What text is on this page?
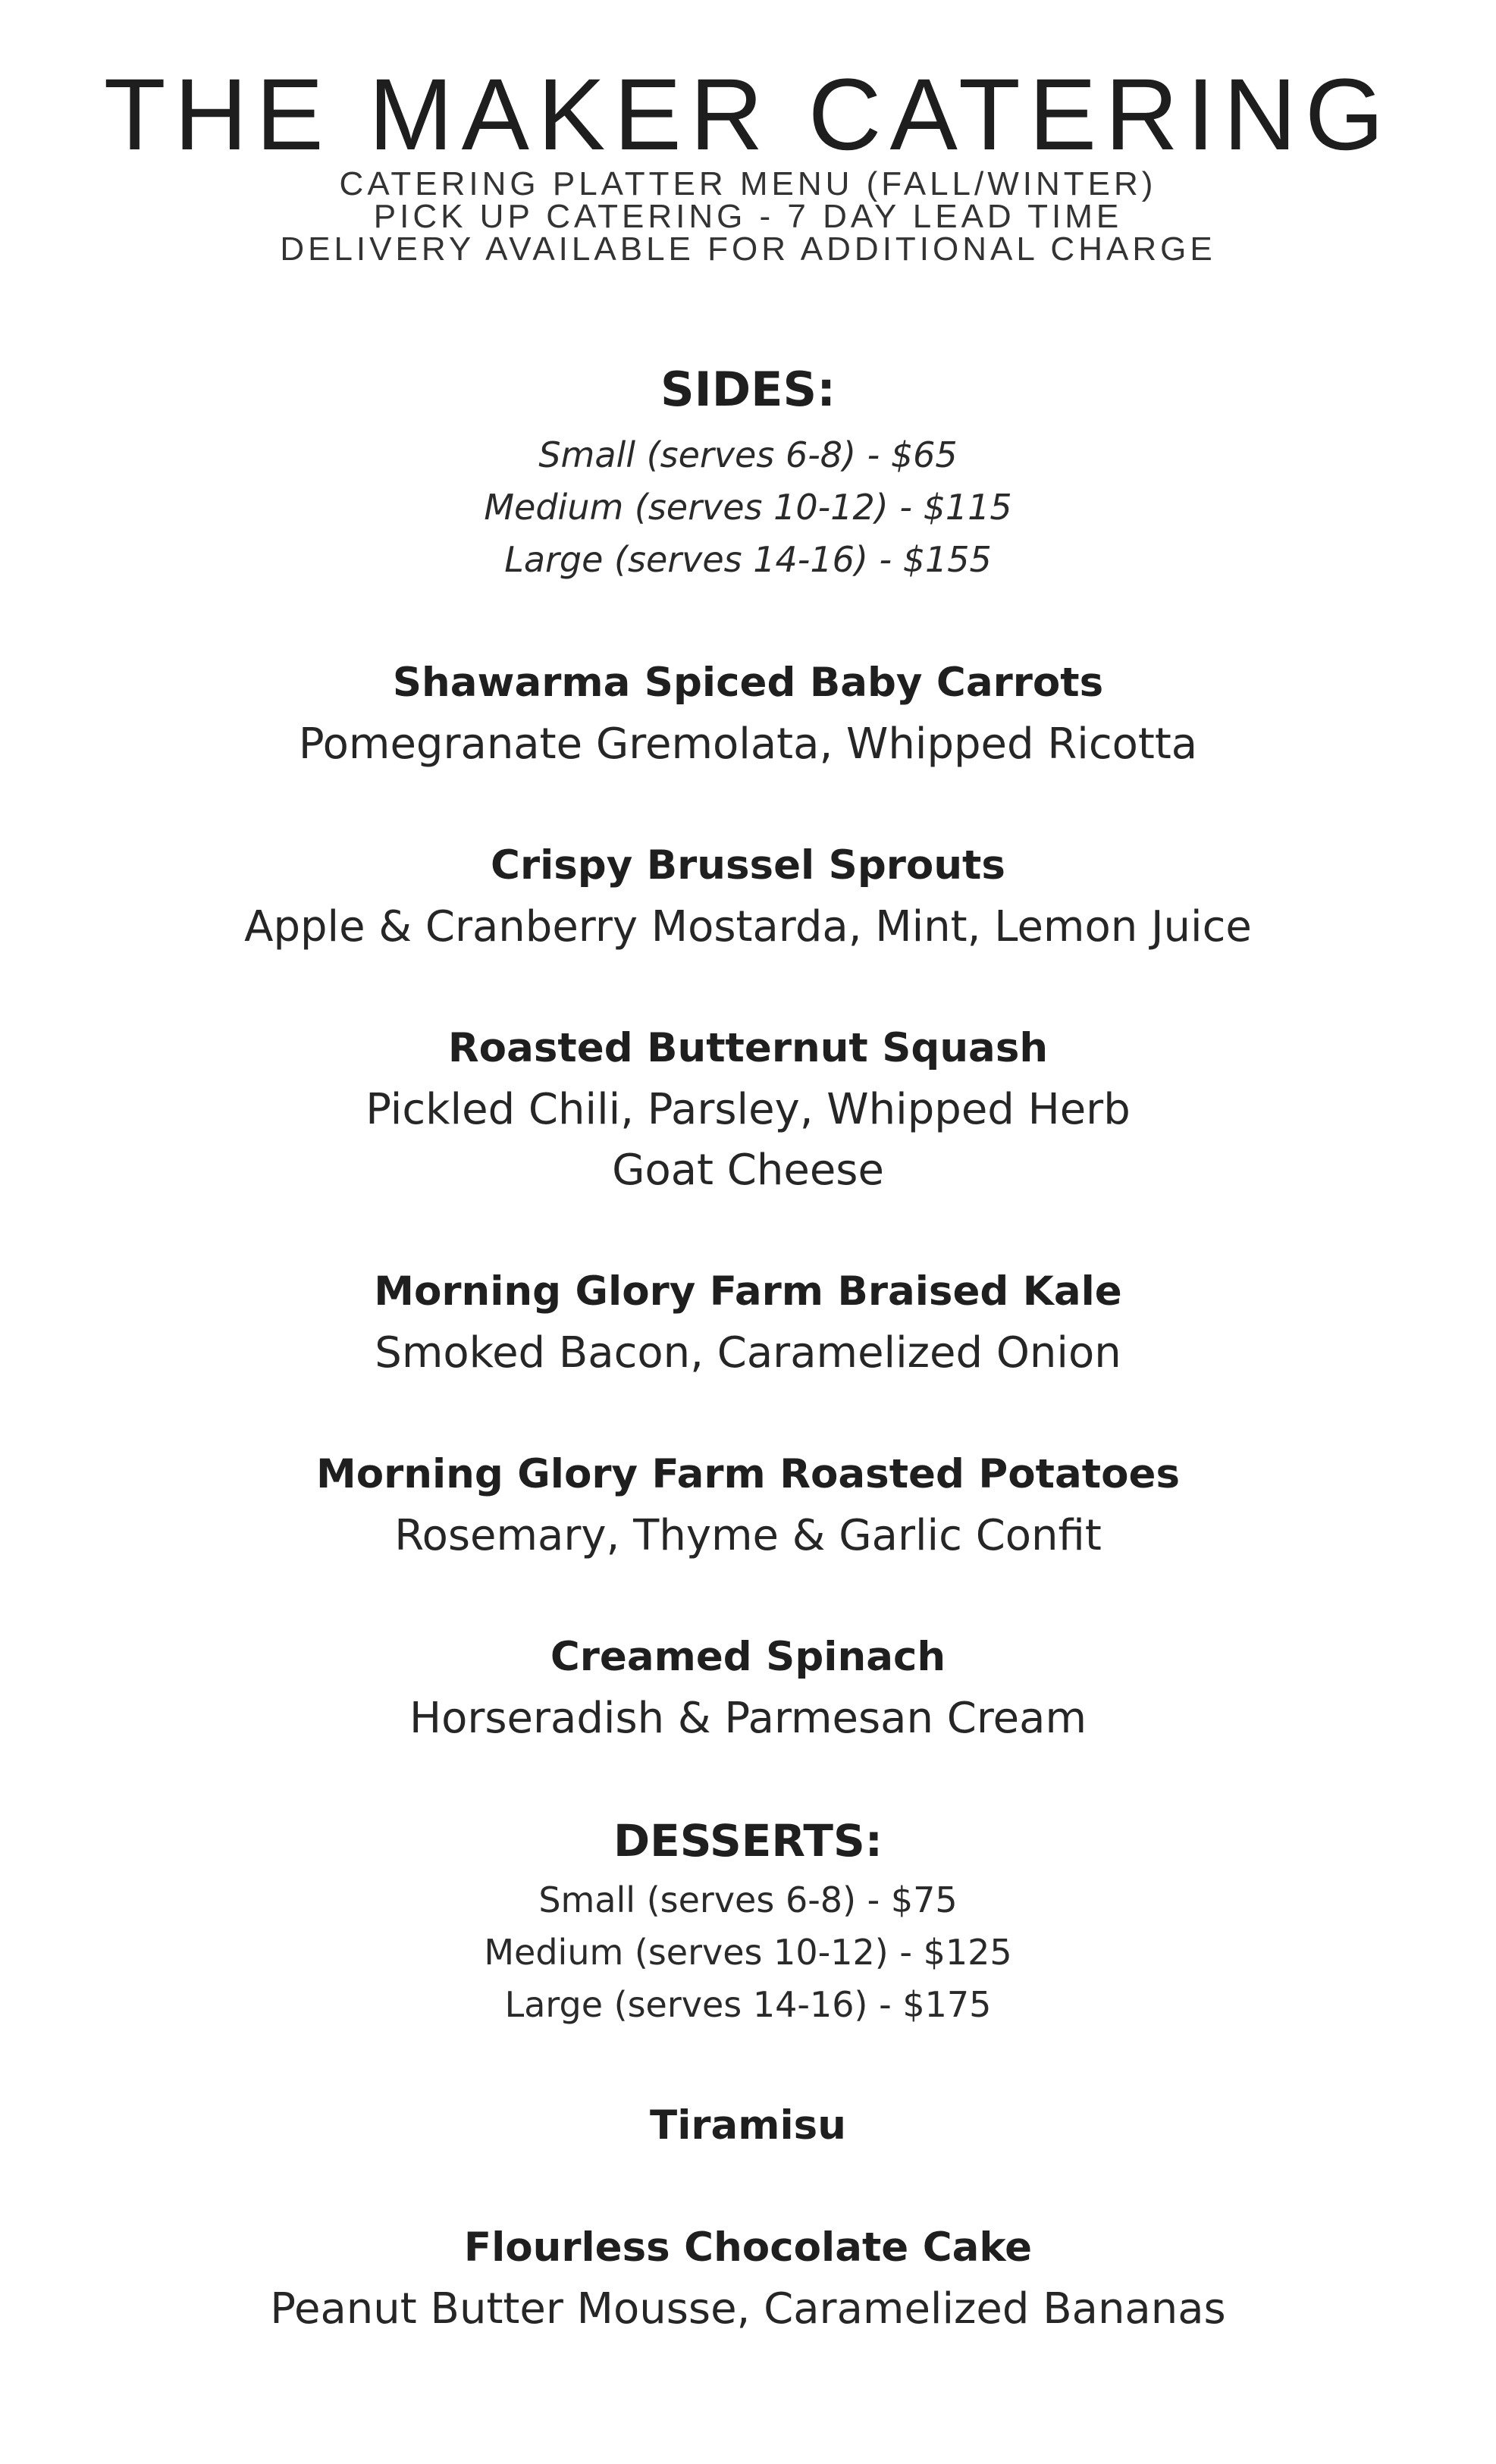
THE MAKER CATERING

CATERING PLATTER MENU (FALL/WINTER)

PICK UP CATERING - 7 DAY LEAD TIME

DELIVERY AVAILABLE FOR ADDITIONAL CHARGE

SIDES:

Small (serves 6-8) - $65

Medium (serves 10-12) - $115

Large (serves 14-16) - $155

Shawarma Spiced Baby Carrots

Pomegranate Gremolata, Whipped Ricotta

Crispy Brussel Sprouts

Apple & Cranberry Mostarda, Mint, Lemon Juice

Roasted Butternut Squash

Pickled Chili, Parsley, Whipped Herb

Goat Cheese

Morning Glory Farm Braised Kale

Smoked Bacon, Caramelized Onion

Morning Glory Farm Roasted Potatoes

Rosemary, Thyme & Garlic Confit

Creamed Spinach

Horseradish & Parmesan Cream

DESSERTS:

Small (serves 6-8) - $75

Medium (serves 10-12) - $125

Large (serves 14-16) - $175

Tiramisu

Flourless Chocolate Cake

Peanut Butter Mousse, Caramelized Bananas
